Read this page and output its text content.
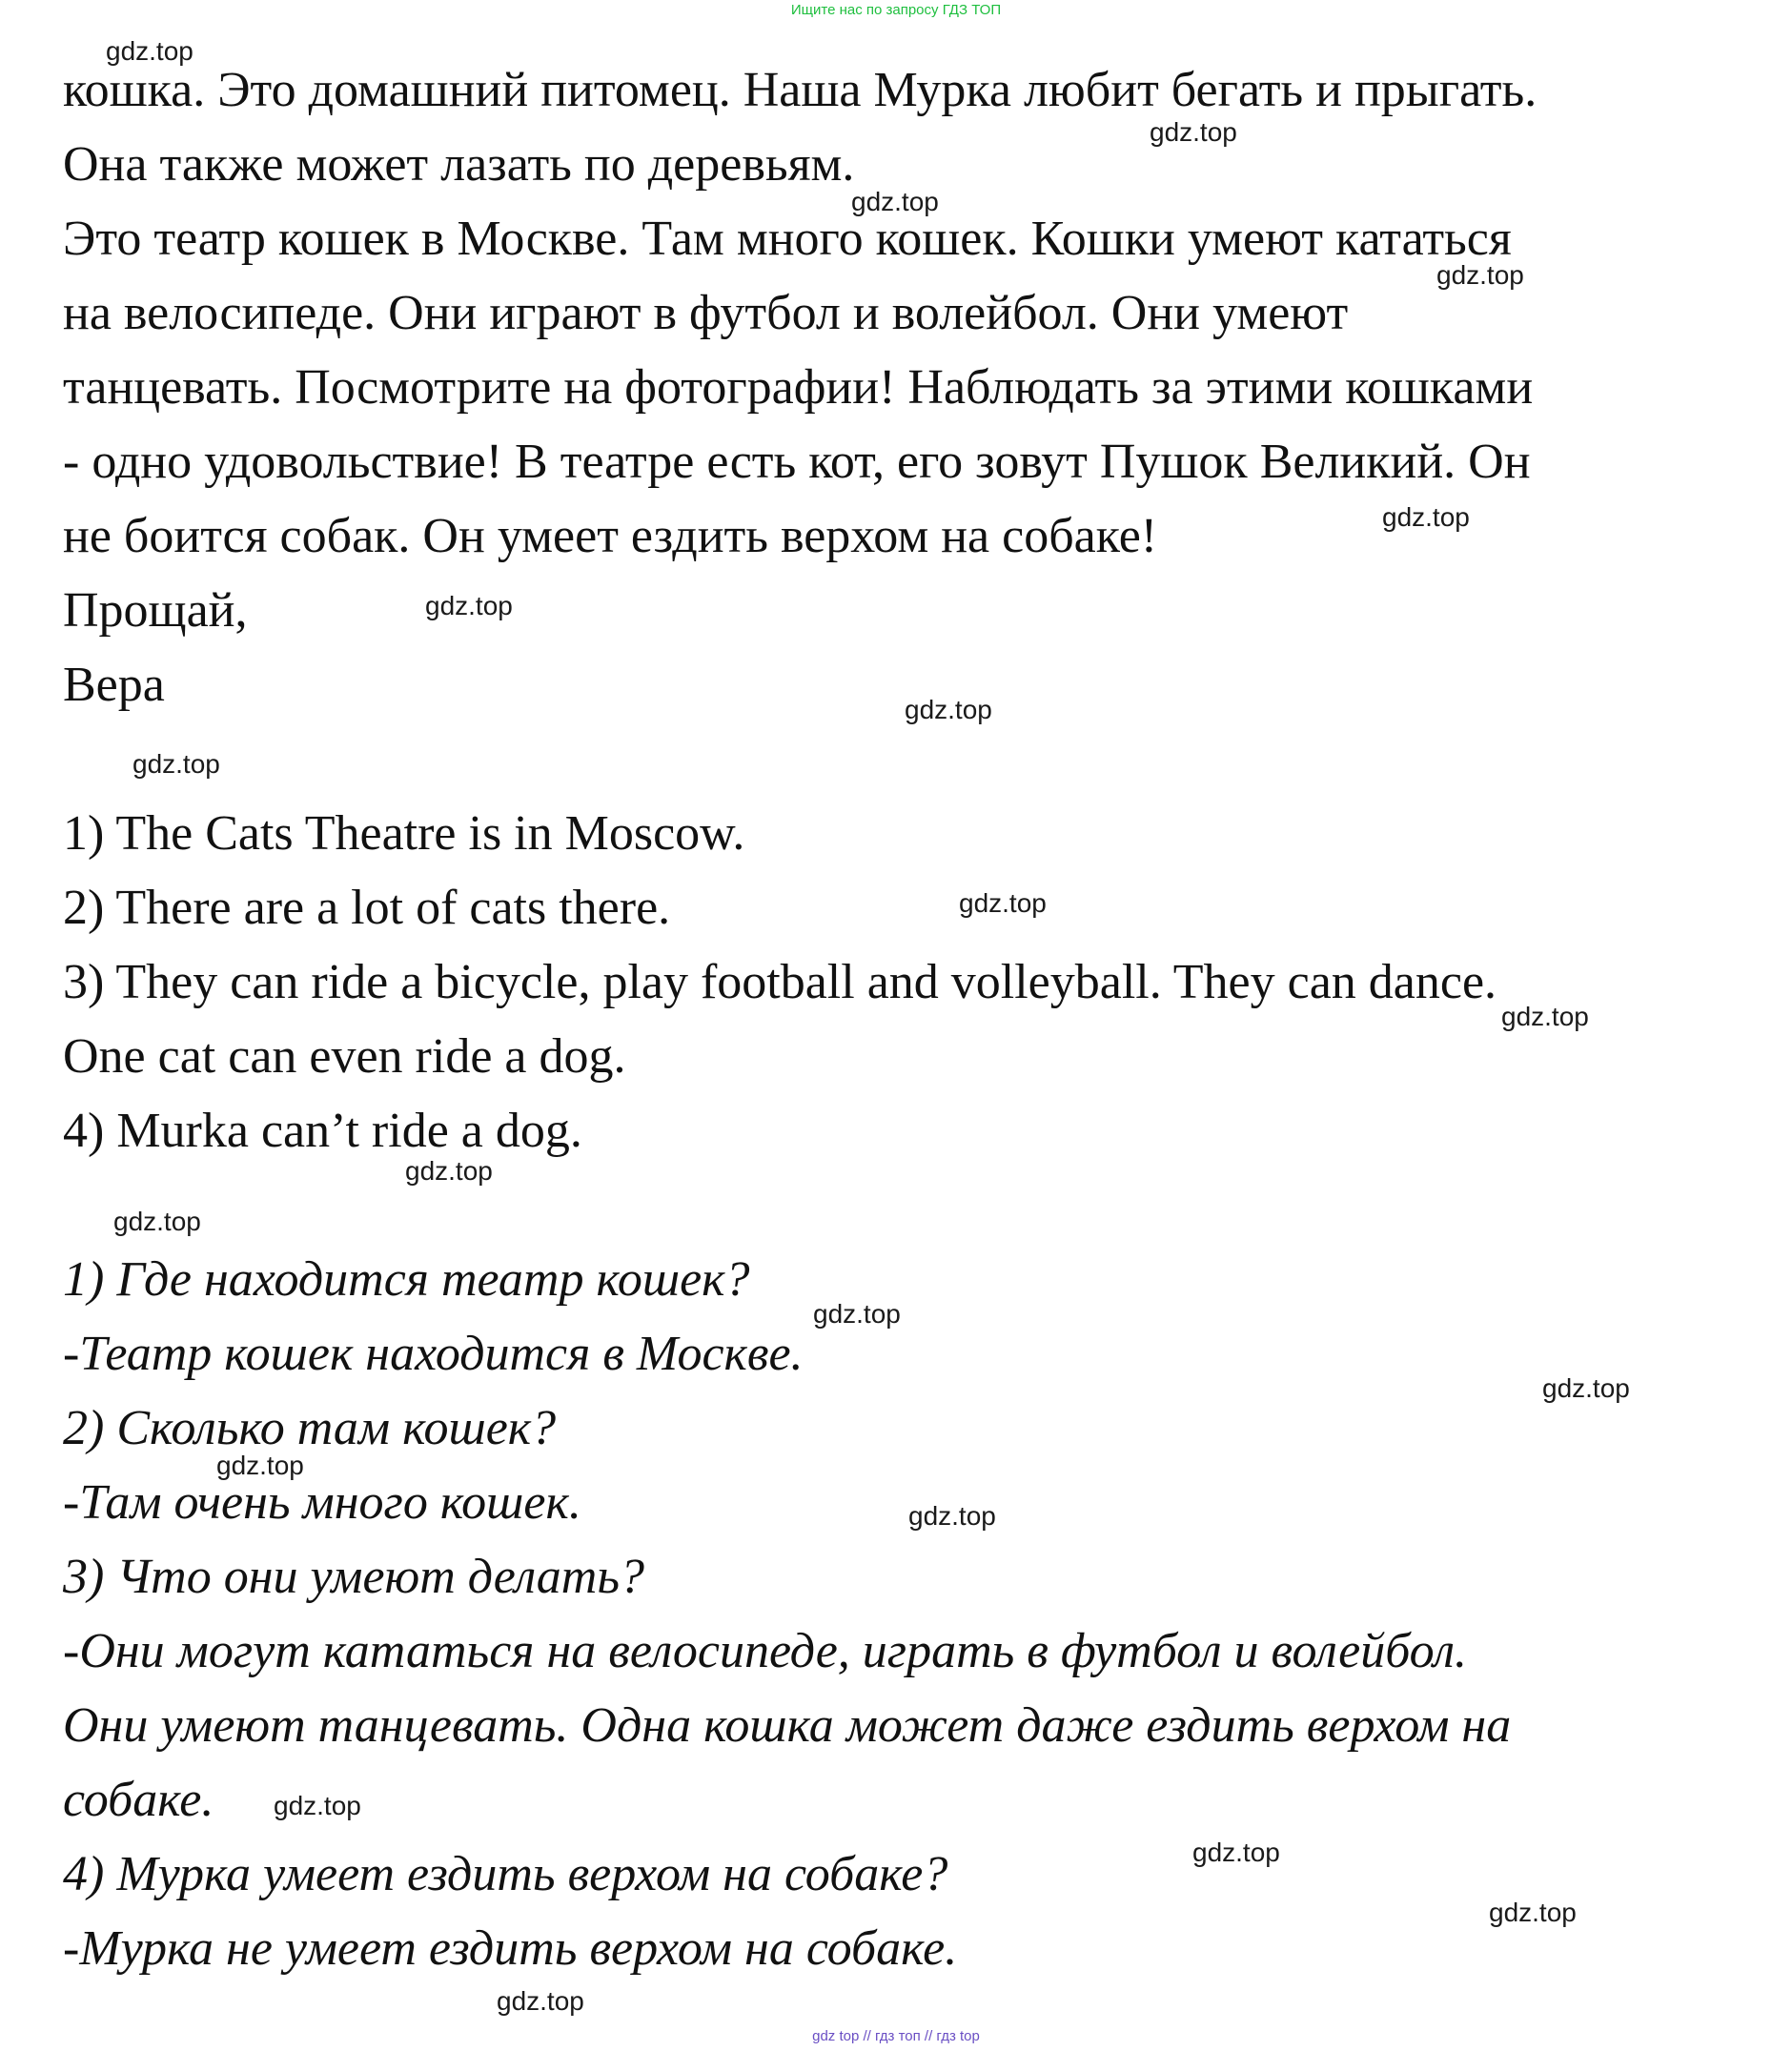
Ищите нас по запросу ГДЗ ТОП

кошка. Это домашний питомец. Наша Мурка любит бегать и прыгать.

Она также может лазать по деревьям.

Это театр кошек в Москве. Там много кошек. Кошки умеют кататься

на велосипеде. Они играют в футбол и волейбол. Они умеют

танцевать. Посмотрите на фотографии! Наблюдать за этими кошками

- одно удовольствие! В театре есть кот, его зовут Пушок Великий. Он

не боится собак. Он умеет ездить верхом на собаке!

Прощай,

Вера

1) The Cats Theatre is in Moscow.

2) There are a lot of cats there.

3) They can ride a bicycle, play football and volleyball. They can dance.

One cat can even ride a dog.

4) Murka can’t ride a dog.

1) Где находится театр кошек?

-Театр кошек находится в Москве.

2) Сколько там кошек?

-Там очень много кошек.

3) Что они умеют делать?

-Они могут кататься на велосипеде, играть в футбол и волейбол.

Они умеют танцевать. Одна кошка может даже ездить верхом на

собаке.

4) Мурка умеет ездить верхом на собаке?

-Мурка не умеет ездить верхом на собаке.

gdz.top
gdz.top
gdz.top
gdz.top
gdz.top
gdz.top
gdz.top
gdz.top
gdz.top
gdz.top
gdz.top
gdz.top
gdz.top
gdz.top
gdz.top
gdz.top
gdz.top
gdz.top
gdz.top
gdz.top
gdz top // гдз топ // гдз top
